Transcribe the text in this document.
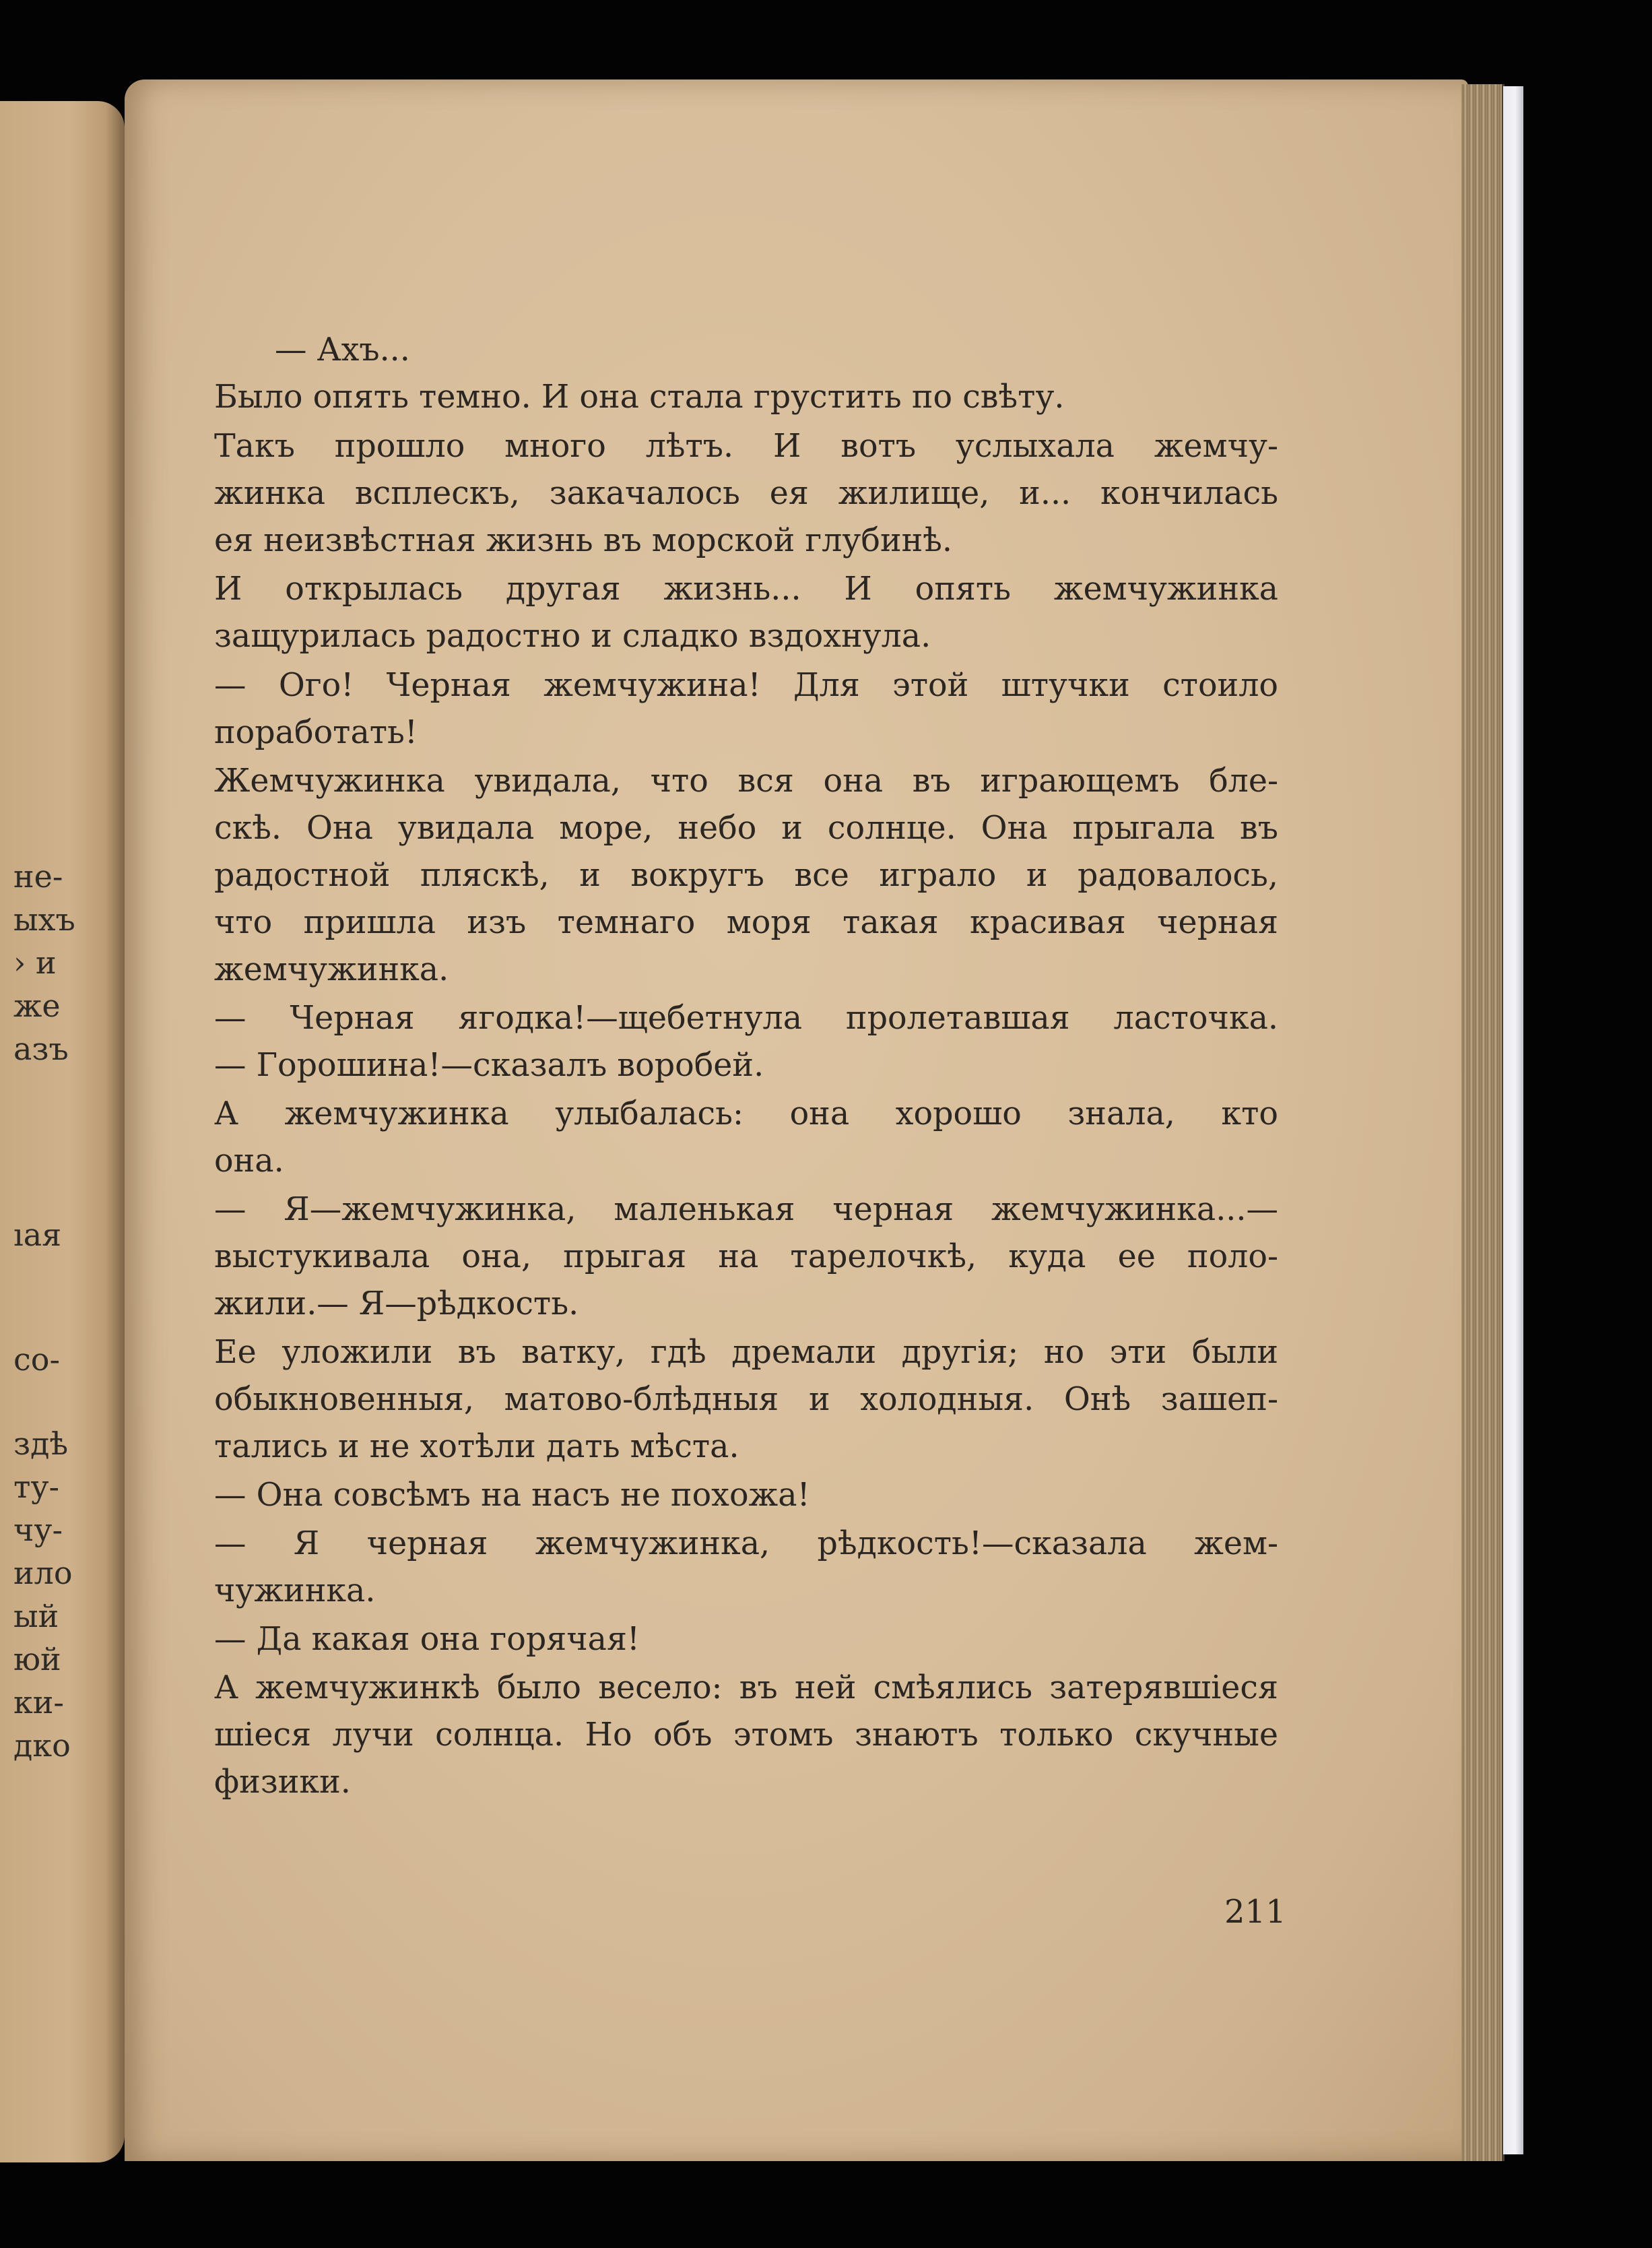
не-
ыхъ
› и
же
азъ
ıая
со-
здѣ
ту-
чу-
ило
ый
юй
ки-
дко
— Ахъ...
Было опять темно. И она стала грустить по свѣту.
Такъ прошло много лѣтъ. И вотъ услыхала жемчу-
жинка всплескъ, закачалось ея жилище, и... кончилась
ея неизвѣстная жизнь въ морской глубинѣ.
И открылась другая жизнь... И опять жемчужинка
защурилась радостно и сладко вздохнула.
— Ого! Черная жемчужина! Для этой штучки стоило
поработать!
Жемчужинка увидала, что вся она въ играющемъ бле-
скѣ. Она увидала море, небо и солнце. Она прыгала въ
радостной пляскѣ, и вокругъ все играло и радовалось,
что пришла изъ темнаго моря такая красивая черная
жемчужинка.
— Черная ягодка!—щебетнула пролетавшая ласточка.
— Горошина!—сказалъ воробей.
А жемчужинка улыбалась: она хорошо знала, кто
она.
— Я—жемчужинка, маленькая черная жемчужинка...—
выстукивала она, прыгая на тарелочкѣ, куда ее поло-
жили.— Я—рѣдкость.
Ее уложили въ ватку, гдѣ дремали другія; но эти были
обыкновенныя, матово-блѣдныя и холодныя. Онѣ зашеп-
тались и не хотѣли дать мѣста.
— Она совсѣмъ на насъ не похожа!
— Я черная жемчужинка, рѣдкость!—сказала жем-
чужинка.
— Да какая она горячая!
А жемчужинкѣ было весело: въ ней смѣялись затерявшіеся
шіеся лучи солнца. Но объ этомъ знаютъ только скучные
физики.
211
